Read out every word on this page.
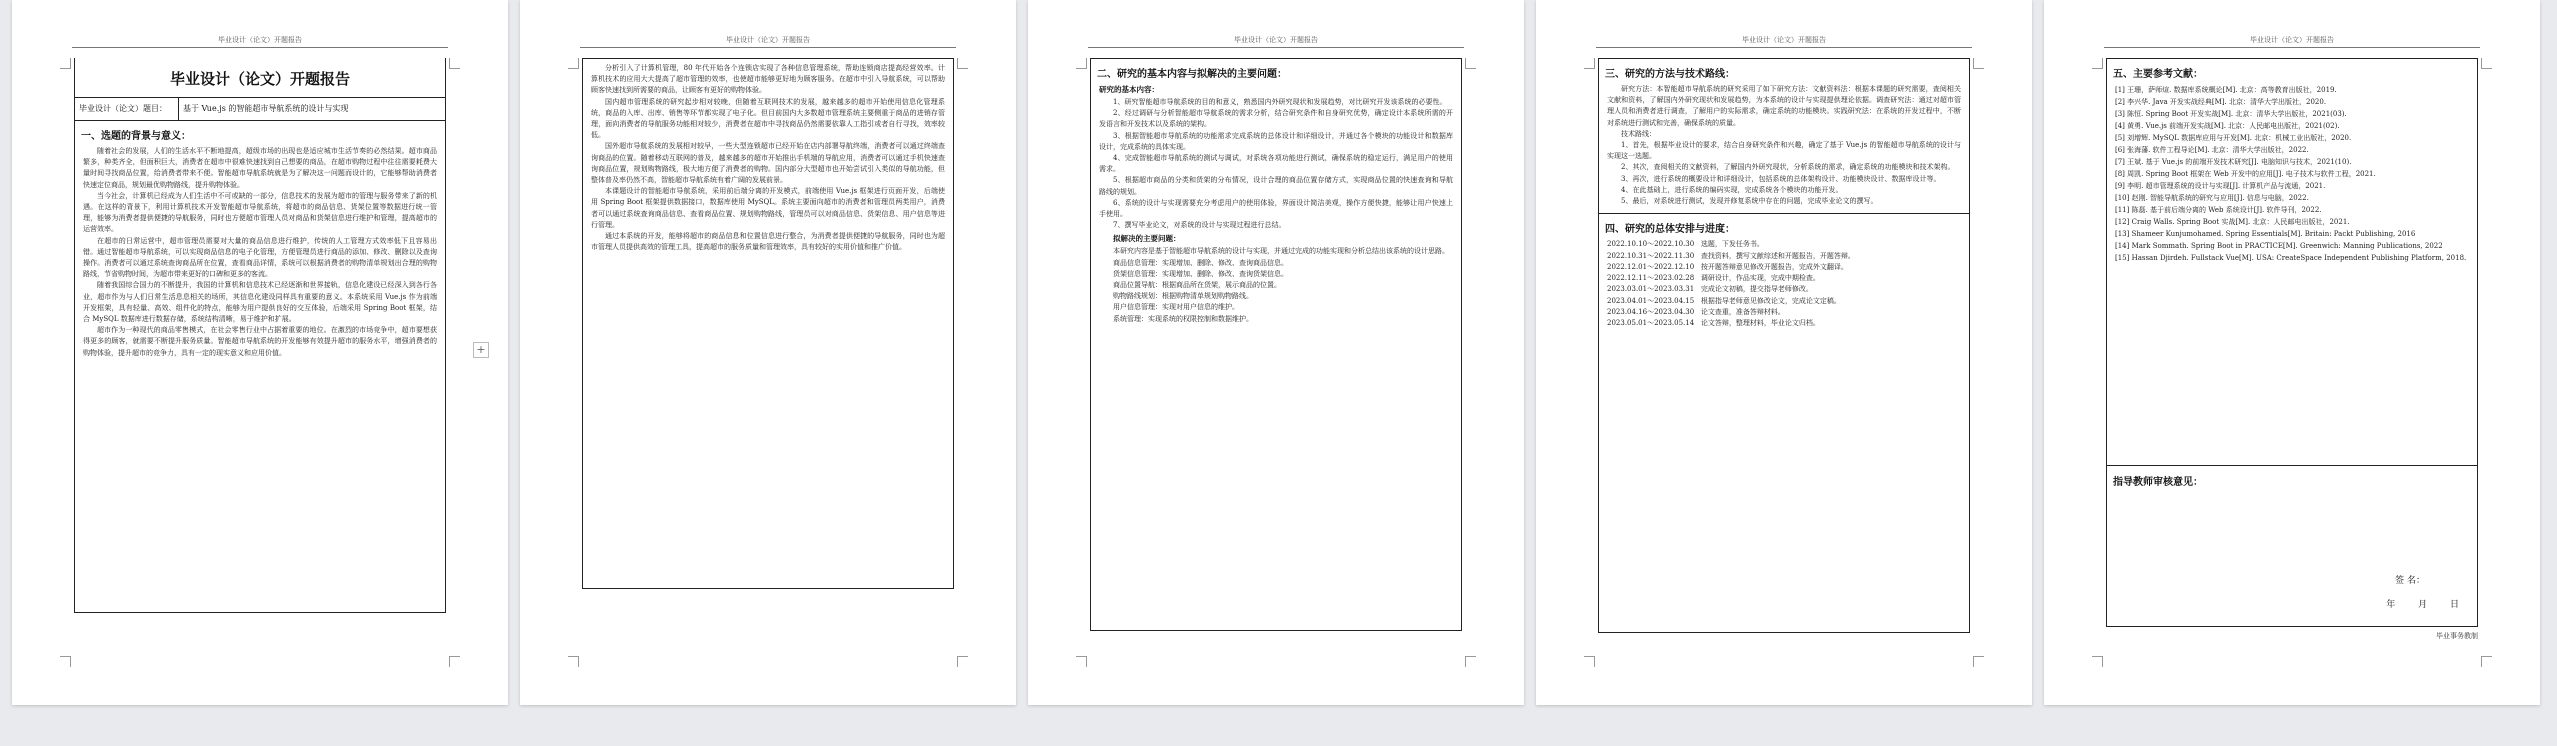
毕业设计（论文）开题报告
毕业设计（论文）开题报告
毕业设计（论文）题目：	基于 Vue.js 的智能超市导航系统的设计与实现
一、选题的背景与意义：
随着社会的发展，人们的生活水平不断地提高，超级市场的出现也是适应城市生活节奏的必然结果。超市商品繁多，种类齐全，但面积巨大，消费者在超市中很难快速找到自己想要的商品，在超市购物过程中往往需要耗费大量时间寻找商品位置，给消费者带来不便。智能超市导航系统就是为了解决这一问题而设计的，它能够帮助消费者快速定位商品，规划最优购物路线，提升购物体验。
当今社会，计算机已经成为人们生活中不可或缺的一部分，信息技术的发展为超市的管理与服务带来了新的机遇。在这样的背景下，利用计算机技术开发智能超市导航系统，将超市的商品信息、货架位置等数据进行统一管理，能够为消费者提供便捷的导航服务，同时也方便超市管理人员对商品和货架信息进行维护和管理，提高超市的运营效率。
在超市的日常运营中，超市管理员需要对大量的商品信息进行维护，传统的人工管理方式效率低下且容易出错。通过智能超市导航系统，可以实现商品信息的电子化管理，方便管理员进行商品的添加、修改、删除以及查询操作。消费者可以通过系统查询商品所在位置，查看商品详情，系统可以根据消费者的购物清单规划出合理的购物路线，节省购物时间，为超市带来更好的口碑和更多的客流。
随着我国综合国力的不断提升，我国的计算机和信息技术已经逐渐和世界接轨，信息化建设已经深入到各行各业，超市作为与人们日常生活息息相关的场所，其信息化建设同样具有重要的意义。本系统采用 Vue.js 作为前端开发框架，具有轻量、高效、组件化的特点，能够为用户提供良好的交互体验，后端采用 Spring Boot 框架，结合 MySQL 数据库进行数据存储，系统结构清晰，易于维护和扩展。
超市作为一种现代的商品零售模式，在社会零售行业中占据着重要的地位。在激烈的市场竞争中，超市要想获得更多的顾客，就需要不断提升服务质量。智能超市导航系统的开发能够有效提升超市的服务水平，增强消费者的购物体验，提升超市的竞争力，具有一定的现实意义和应用价值。	+
毕业设计（论文）开题报告
分析引入了计算机管理，80 年代开始各个连锁店实现了各种信息管理系统，帮助连锁商店提高经营效率。计算机技术的应用大大提高了超市管理的效率，也使超市能够更好地为顾客服务。在超市中引入导航系统，可以帮助顾客快速找到所需要的商品，让顾客有更好的购物体验。
国内超市管理系统的研究起步相对较晚，但随着互联网技术的发展，越来越多的超市开始使用信息化管理系统，商品的入库、出库、销售等环节都实现了电子化。但目前国内大多数超市管理系统主要侧重于商品的进销存管理，面向消费者的导航服务功能相对较少，消费者在超市中寻找商品仍然需要依靠人工指引或者自行寻找，效率较低。
国外超市导航系统的发展相对较早，一些大型连锁超市已经开始在店内部署导航终端，消费者可以通过终端查询商品的位置。随着移动互联网的普及，越来越多的超市开始推出手机端的导航应用，消费者可以通过手机快速查询商品位置，规划购物路线，极大地方便了消费者的购物。国内部分大型超市也开始尝试引入类似的导航功能，但整体普及率仍然不高，智能超市导航系统有着广阔的发展前景。
本课题设计的智能超市导航系统，采用前后端分离的开发模式，前端使用 Vue.js 框架进行页面开发，后端使用 Spring Boot 框架提供数据接口，数据库使用 MySQL。系统主要面向超市的消费者和管理员两类用户，消费者可以通过系统查询商品信息、查看商品位置、规划购物路线，管理员可以对商品信息、货架信息、用户信息等进行管理。
通过本系统的开发，能够将超市的商品信息和位置信息进行整合，为消费者提供便捷的导航服务，同时也为超市管理人员提供高效的管理工具，提高超市的服务质量和管理效率，具有较好的实用价值和推广价值。
毕业设计（论文）开题报告
二、研究的基本内容与拟解决的主要问题：
研究的基本内容：
1、研究智能超市导航系统的目的和意义，熟悉国内外研究现状和发展趋势，对比研究开发该系统的必要性。
2、经过调研与分析智能超市导航系统的需求分析，结合研究条件和自身研究优势，确定设计本系统所需的开发语言和开发技术以及系统的架构。
3、根据智能超市导航系统的功能需求完成系统的总体设计和详细设计，并通过各个模块的功能设计和数据库设计，完成系统的具体实现。
4、完成智能超市导航系统的测试与调试，对系统各项功能进行测试，确保系统的稳定运行，满足用户的使用需求。
5、根据超市商品的分类和货架的分布情况，设计合理的商品位置存储方式，实现商品位置的快速查询和导航路线的规划。
6、系统的设计与实现需要充分考虑用户的使用体验，界面设计简洁美观，操作方便快捷，能够让用户快速上手使用。
7、撰写毕业论文，对系统的设计与实现过程进行总结。
拟解决的主要问题：
本研究内容是基于智能超市导航系统的设计与实现，并通过完成的功能实现和分析总结出该系统的设计思路。
商品信息管理：实现增加、删除、修改、查询商品信息。
货架信息管理：实现增加、删除、修改、查询货架信息。
商品位置导航：根据商品所在货架，展示商品的位置。
购物路线规划：根据购物清单规划购物路线。
用户信息管理：实现对用户信息的维护。
系统管理：实现系统的权限控制和数据维护。
毕业设计（论文）开题报告
三、研究的方法与技术路线：
研究方法：本智能超市导航系统的研究采用了如下研究方法：文献资料法：根据本课题的研究需要，查阅相关文献和资料，了解国内外研究现状和发展趋势，为本系统的设计与实现提供理论依据。调查研究法：通过对超市管理人员和消费者进行调查，了解用户的实际需求，确定系统的功能模块。实践研究法：在系统的开发过程中，不断对系统进行测试和完善，确保系统的质量。
技术路线：
1、首先，根据毕业设计的要求，结合自身研究条件和兴趣，确定了基于 Vue.js 的智能超市导航系统的设计与实现这一选题。
2、其次，查阅相关的文献资料，了解国内外研究现状，分析系统的需求，确定系统的功能模块和技术架构。
3、再次，进行系统的概要设计和详细设计，包括系统的总体架构设计、功能模块设计、数据库设计等。
4、在此基础上，进行系统的编码实现，完成系统各个模块的功能开发。
5、最后，对系统进行测试，发现并修复系统中存在的问题，完成毕业论文的撰写。
四、研究的总体安排与进度：
2022.10.10～2022.10.30   选题，下发任务书。
2022.10.31～2022.11.30   查找资料，撰写文献综述和开题报告，开题答辩。
2022.12.01～2022.12.10   按开题答辩意见修改开题报告，完成外文翻译。
2022.12.11～2023.02.28   调研设计，作品实现，完成中期检查。
2023.03.01～2023.03.31   完成论文初稿，提交指导老师修改。
2023.04.01～2023.04.15   根据指导老师意见修改论文，完成论文定稿。
2023.04.16～2023.04.30   论文查重，准备答辩材料。
2023.05.01～2023.05.14   论文答辩，整理材料，毕业论文归档。
毕业设计（论文）开题报告
五、主要参考文献：
[1] 王珊，萨师煊. 数据库系统概论[M]. 北京：高等教育出版社，2019.
[2] 李兴华. Java 开发实战经典[M]. 北京：清华大学出版社，2020.
[3] 陈恒. Spring Boot 开发实战[M]. 北京：清华大学出版社，2021(03).
[4] 黄勇. Vue.js 前端开发实战[M]. 北京：人民邮电出版社，2021(02).
[5] 刘增辉. MySQL 数据库应用与开发[M]. 北京：机械工业出版社，2020.
[6] 张海藩. 软件工程导论[M]. 北京：清华大学出版社，2022.
[7] 王斌. 基于 Vue.js 的前端开发技术研究[J]. 电脑知识与技术，2021(10).
[8] 周凯. Spring Boot 框架在 Web 开发中的应用[J]. 电子技术与软件工程，2021.
[9] 李明. 超市管理系统的设计与实现[J]. 计算机产品与流通，2021.
[10] 赵刚. 智能导航系统的研究与应用[J]. 信息与电脑，2022.
[11] 陈磊. 基于前后端分离的 Web 系统设计[J]. 软件导刊，2022.
[12] Craig Walls. Spring Boot 实战[M]. 北京：人民邮电出版社，2021.
[13] Shameer Kunjumohamed. Spring Essentials[M]. Britain: Packt Publishing, 2016
[14] Mark Sommath. Spring Boot in PRACTICE[M]. Greenwich: Manning Publications, 2022
[15] Hassan Djirdeh. Fullstack Vue[M]. USA: CreateSpace Independent Publishing Platform, 2018.
指导教师审核意见：
签 名：
年        月        日
毕业事务教制
